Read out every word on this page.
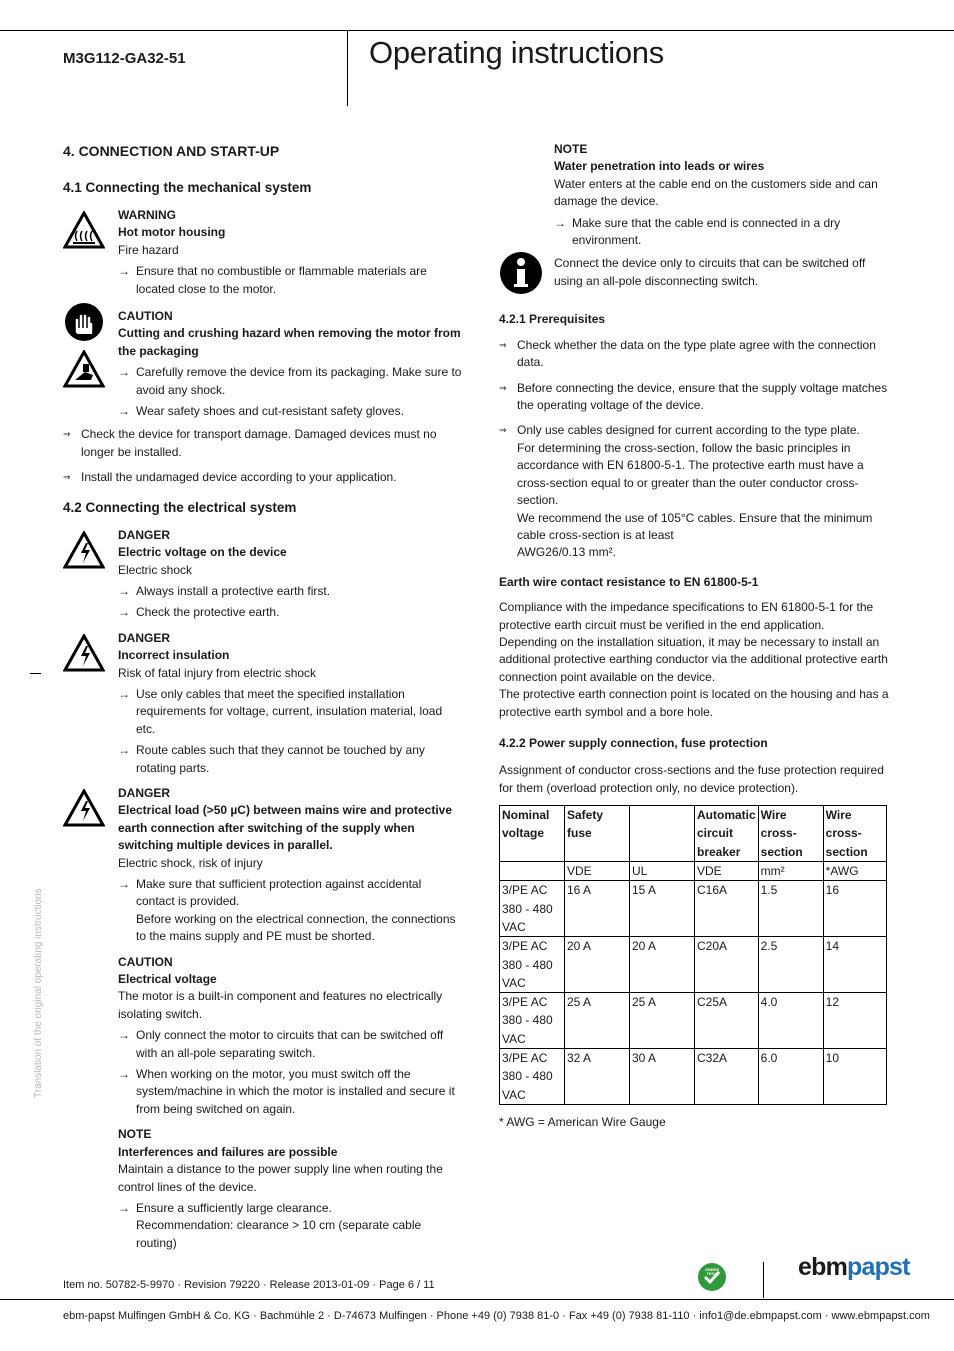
M3G112-GA32-51	Operating instructions
4. CONNECTION AND START-UP
4.1 Connecting the mechanical system
WARNING
Hot motor housing
Fire hazard
→ Ensure that no combustible or flammable materials are located close to the motor.
CAUTION
Cutting and crushing hazard when removing the motor from the packaging
→ Carefully remove the device from its packaging. Make sure to avoid any shock.
→ Wear safety shoes and cut-resistant safety gloves.
⇒ Check the device for transport damage. Damaged devices must no longer be installed.
⇒ Install the undamaged device according to your application.
4.2 Connecting the electrical system
DANGER
Electric voltage on the device
Electric shock
→ Always install a protective earth first.
→ Check the protective earth.
DANGER
Incorrect insulation
Risk of fatal injury from electric shock
→ Use only cables that meet the specified installation requirements for voltage, current, insulation material, load etc.
→ Route cables such that they cannot be touched by any rotating parts.
DANGER
Electrical load (>50 µC) between mains wire and protective earth connection after switching of the supply when switching multiple devices in parallel.
Electric shock, risk of injury
→ Make sure that sufficient protection against accidental contact is provided.
Before working on the electrical connection, the connections to the mains supply and PE must be shorted.
CAUTION
Electrical voltage
The motor is a built-in component and features no electrically isolating switch.
→ Only connect the motor to circuits that can be switched off with an all-pole separating switch.
→ When working on the motor, you must switch off the system/machine in which the motor is installed and secure it from being switched on again.
NOTE
Interferences and failures are possible
Maintain a distance to the power supply line when routing the control lines of the device.
→ Ensure a sufficiently large clearance.
Recommendation: clearance > 10 cm (separate cable routing)
NOTE
Water penetration into leads or wires
Water enters at the cable end on the customers side and can damage the device.
→ Make sure that the cable end is connected in a dry environment.
Connect the device only to circuits that can be switched off using an all-pole disconnecting switch.
4.2.1 Prerequisites
⇒ Check whether the data on the type plate agree with the connection data.
⇒ Before connecting the device, ensure that the supply voltage matches the operating voltage of the device.
⇒ Only use cables designed for current according to the type plate.
For determining the cross-section, follow the basic principles in accordance with EN 61800-5-1. The protective earth must have a cross-section equal to or greater than the outer conductor cross-section.
We recommend the use of 105°C cables. Ensure that the minimum cable cross-section is at least
AWG26/0.13 mm².
Earth wire contact resistance to EN 61800-5-1

Compliance with the impedance specifications to EN 61800-5-1 for the protective earth circuit must be verified in the end application.

Depending on the installation situation, it may be necessary to install an additional protective earthing conductor via the additional protective earth connection point available on the device.

The protective earth connection point is located on the housing and has a protective earth symbol and a bore hole.

4.2.2 Power supply connection, fuse protection

Assignment of conductor cross-sections and the fuse protection required for them (overload protection only, no device protection).

Nominal voltage	Safety fuse		Automatic circuit breaker	Wire cross-section	Wire cross-section
	VDE	UL	VDE	mm²	*AWG
3/PE AC 380 - 480 VAC	16 A	15 A	C16A	1.5	16
3/PE AC 380 - 480 VAC	20 A	20 A	C20A	2.5	14
3/PE AC 380 - 480 VAC	25 A	25 A	C25A	4.0	12
3/PE AC 380 - 480 VAC	32 A	30 A	C32A	6.0	10

* AWG = American Wire Gauge

Translation of the original operating instructions
Item no. 50782-5-9970 · Revision 79220 · Release 2013-01-09 · Page 6 / 11
GREEN TECH	ebmpapst
ebm-papst Mulfingen GmbH & Co. KG · Bachmühle 2 · D-74673 Mulfingen · Phone +49 (0) 7938 81-0 · Fax +49 (0) 7938 81-110 · info1@de.ebmpapst.com · www.ebmpapst.com
